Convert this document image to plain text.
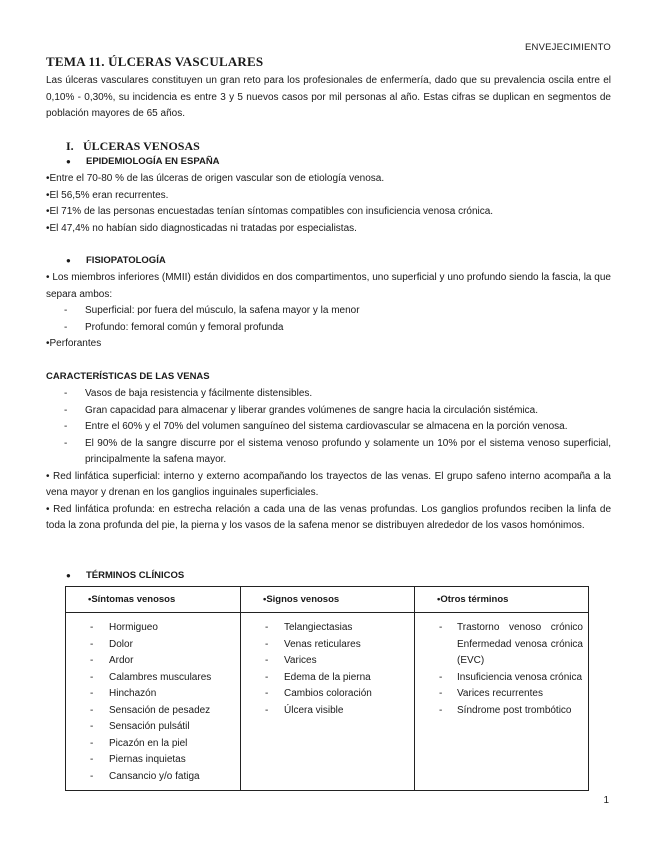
ENVEJECIMIENTO
TEMA 11. ÚLCERAS VASCULARES
Las úlceras vasculares constituyen un gran reto para los profesionales de enfermería, dado que su prevalencia oscila entre el 0,10% - 0,30%, su incidencia es entre 3 y 5 nuevos casos por mil personas al año. Estas cifras se duplican en segmentos de población mayores de 65 años.
I. ÚLCERAS VENOSAS
● EPIDEMIOLOGÍA EN ESPAÑA
•Entre el 70-80 % de las úlceras de origen vascular son de etiología venosa.
•El 56,5% eran recurrentes.
•El 71% de las personas encuestadas tenían síntomas compatibles con insuficiencia venosa crónica.
•El 47,4% no habían sido diagnosticadas ni tratadas por especialistas.
● FISIOPATOLOGÍA
• Los miembros inferiores (MMII) están divididos en dos compartimentos, uno superficial y uno profundo siendo la fascia, la que separa ambos:
- Superficial: por fuera del músculo, la safena mayor y la menor
- Profundo: femoral común y femoral profunda
•Perforantes
CARACTERÍSTICAS DE LAS VENAS
- Vasos de baja resistencia y fácilmente distensibles.
- Gran capacidad para almacenar y liberar grandes volúmenes de sangre hacia la circulación sistémica.
- Entre el 60% y el 70% del volumen sanguíneo del sistema cardiovascular se almacena en la porción venosa.
- El 90% de la sangre discurre por el sistema venoso profundo y solamente un 10% por el sistema venoso superficial, principalmente la safena mayor.
• Red linfática superficial: interno y externo acompañando los trayectos de las venas. El grupo safeno interno acompaña a la vena mayor y drenan en los ganglios inguinales superficiales.
• Red linfática profunda: en estrecha relación a cada una de las venas profundas. Los ganglios profundos reciben la linfa de toda la zona profunda del pie, la pierna y los vasos de la safena menor se distribuyen alrededor de los vasos homónimos.
● TÉRMINOS CLÍNICOS
•Síntomas venosos
- Hormigueo
- Dolor
- Ardor
- Calambres musculares
- Hinchazón
- Sensación de pesadez
- Sensación pulsátil
- Picazón en la piel
- Piernas inquietas
- Cansancio y/o fatiga
•Signos venosos
- Telangiectasias
- Venas reticulares
- Varices
- Edema de la pierna
- Cambios coloración
- Úlcera visible
•Otros términos
- Trastorno venoso crónico Enfermedad venosa crónica (EVC)
- Insuficiencia venosa crónica
- Varices recurrentes
- Síndrome post trombótico
1
